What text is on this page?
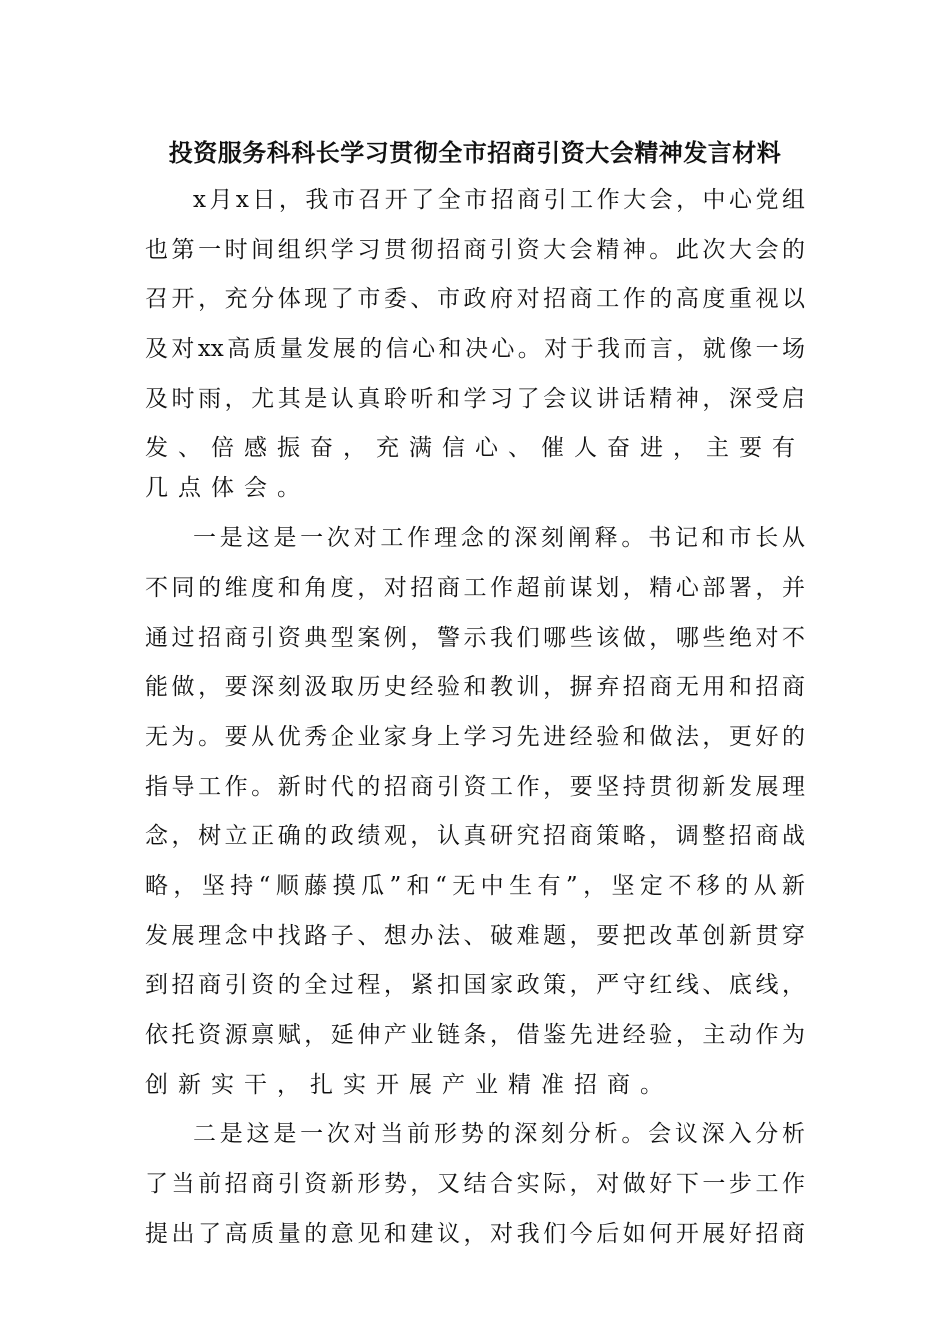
投资服务科科长学习贯彻全市招商引资大会精神发言材料
x月x日，我市召开了全市招商引工作大会，中心党组
也第一时间组织学习贯彻招商引资大会精神。此次大会的
召开，充分体现了市委、市政府对招商工作的高度重视以
及对xx高质量发展的信心和决心。对于我而言，就像一场
及时雨，尤其是认真聆听和学习了会议讲话精神，深受启
发、倍感振奋，充满信心、催人奋进，主要有几点体会。
一是这是一次对工作理念的深刻阐释。书记和市长从
不同的维度和角度，对招商工作超前谋划，精心部署，并
通过招商引资典型案例，警示我们哪些该做，哪些绝对不
能做，要深刻汲取历史经验和教训，摒弃招商无用和招商
无为。要从优秀企业家身上学习先进经验和做法，更好的
指导工作。新时代的招商引资工作，要坚持贯彻新发展理
念，树立正确的政绩观，认真研究招商策略，调整招商战
略，坚持“顺藤摸瓜”和“无中生有”，坚定不移的从新
发展理念中找路子、想办法、破难题，要把改革创新贯穿
到招商引资的全过程，紧扣国家政策，严守红线、底线，
依托资源禀赋，延伸产业链条，借鉴先进经验，主动作为
创新实干，扎实开展产业精准招商。
二是这是一次对当前形势的深刻分析。会议深入分析
了当前招商引资新形势，又结合实际，对做好下一步工作
提出了高质量的意见和建议，对我们今后如何开展好招商
